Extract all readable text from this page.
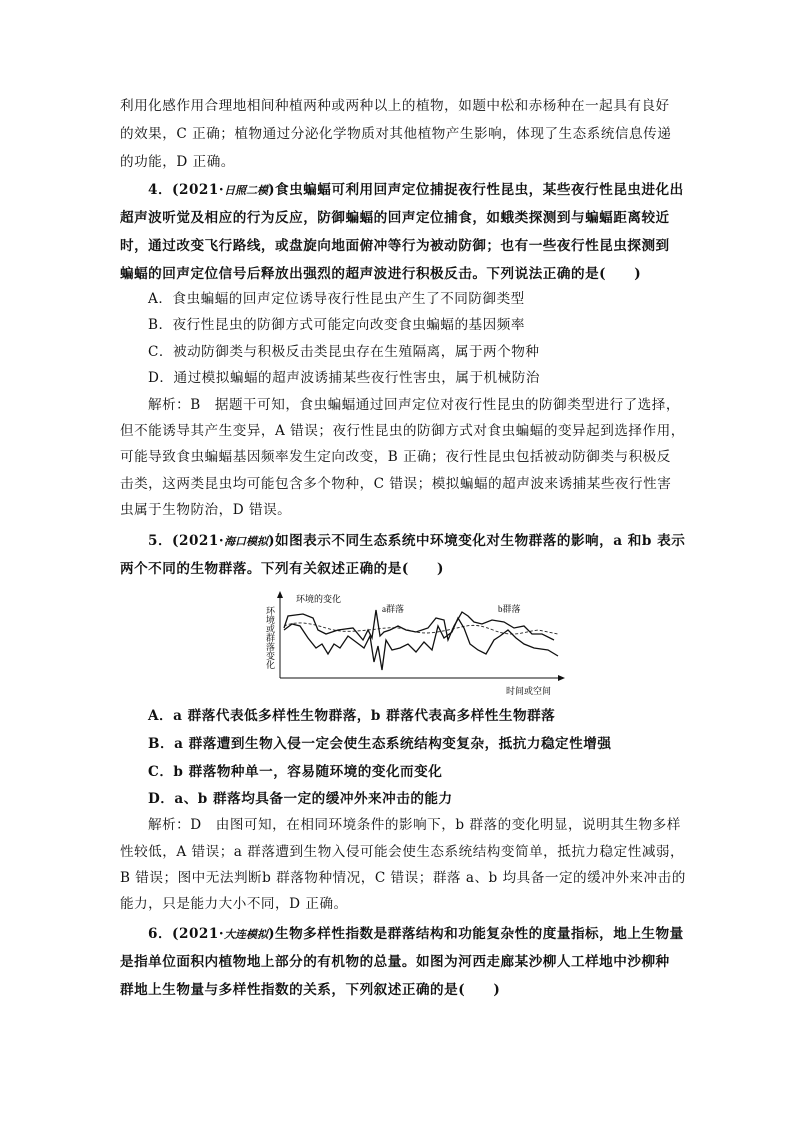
利用化感作用合理地相间种植两种或两种以上的植物，如题中松和赤杨种在一起具有良好
的效果，C 正确；植物通过分泌化学物质对其他植物产生影响，体现了生态系统信息传递
的功能，D 正确。
4．(2021·日照二模)食虫蝙蝠可利用回声定位捕捉夜行性昆虫，某些夜行性昆虫进化出
超声波听觉及相应的行为反应，防御蝙蝠的回声定位捕食，如蛾类探测到与蝙蝠距离较近
时，通过改变飞行路线，或盘旋向地面俯冲等行为被动防御；也有一些夜行性昆虫探测到
蝙蝠的回声定位信号后释放出强烈的超声波进行积极反击。下列说法正确的是(　　)
A．食虫蝙蝠的回声定位诱导夜行性昆虫产生了不同防御类型
B．夜行性昆虫的防御方式可能定向改变食虫蝙蝠的基因频率
C．被动防御类与积极反击类昆虫存在生殖隔离，属于两个物种
D．通过模拟蝙蝠的超声波诱捕某些夜行性害虫，属于机械防治
解析：B　据题干可知，食虫蝙蝠通过回声定位对夜行性昆虫的防御类型进行了选择，
但不能诱导其产生变异，A 错误；夜行性昆虫的防御方式对食虫蝙蝠的变异起到选择作用，
可能导致食虫蝙蝠基因频率发生定向改变，B 正确；夜行性昆虫包括被动防御类与积极反
击类，这两类昆虫均可能包含多个物种，C 错误；模拟蝙蝠的超声波来诱捕某些夜行性害
虫属于生物防治，D 错误。
5．(2021·海口模拟)如图表示不同生态系统中环境变化对生物群落的影响，a 和b 表示
两个不同的生物群落。下列有关叙述正确的是(　　)
环境或群落变化
环境的变化
a群落	b群落
时间或空间
A．a 群落代表低多样性生物群落，b 群落代表高多样性生物群落
B．a 群落遭到生物入侵一定会使生态系统结构变复杂，抵抗力稳定性增强
C．b 群落物种单一，容易随环境的变化而变化
D．a、b 群落均具备一定的缓冲外来冲击的能力
解析：D　由图可知，在相同环境条件的影响下，b 群落的变化明显，说明其生物多样
性较低，A 错误；a 群落遭到生物入侵可能会使生态系统结构变简单，抵抗力稳定性减弱，
B 错误；图中无法判断b 群落物种情况，C 错误；群落 a、b 均具备一定的缓冲外来冲击的
能力，只是能力大小不同，D 正确。
6．(2021·大连模拟)生物多样性指数是群落结构和功能复杂性的度量指标，地上生物量
是指单位面积内植物地上部分的有机物的总量。如图为河西走廊某沙柳人工样地中沙柳种
群地上生物量与多样性指数的关系，下列叙述正确的是(　　)
